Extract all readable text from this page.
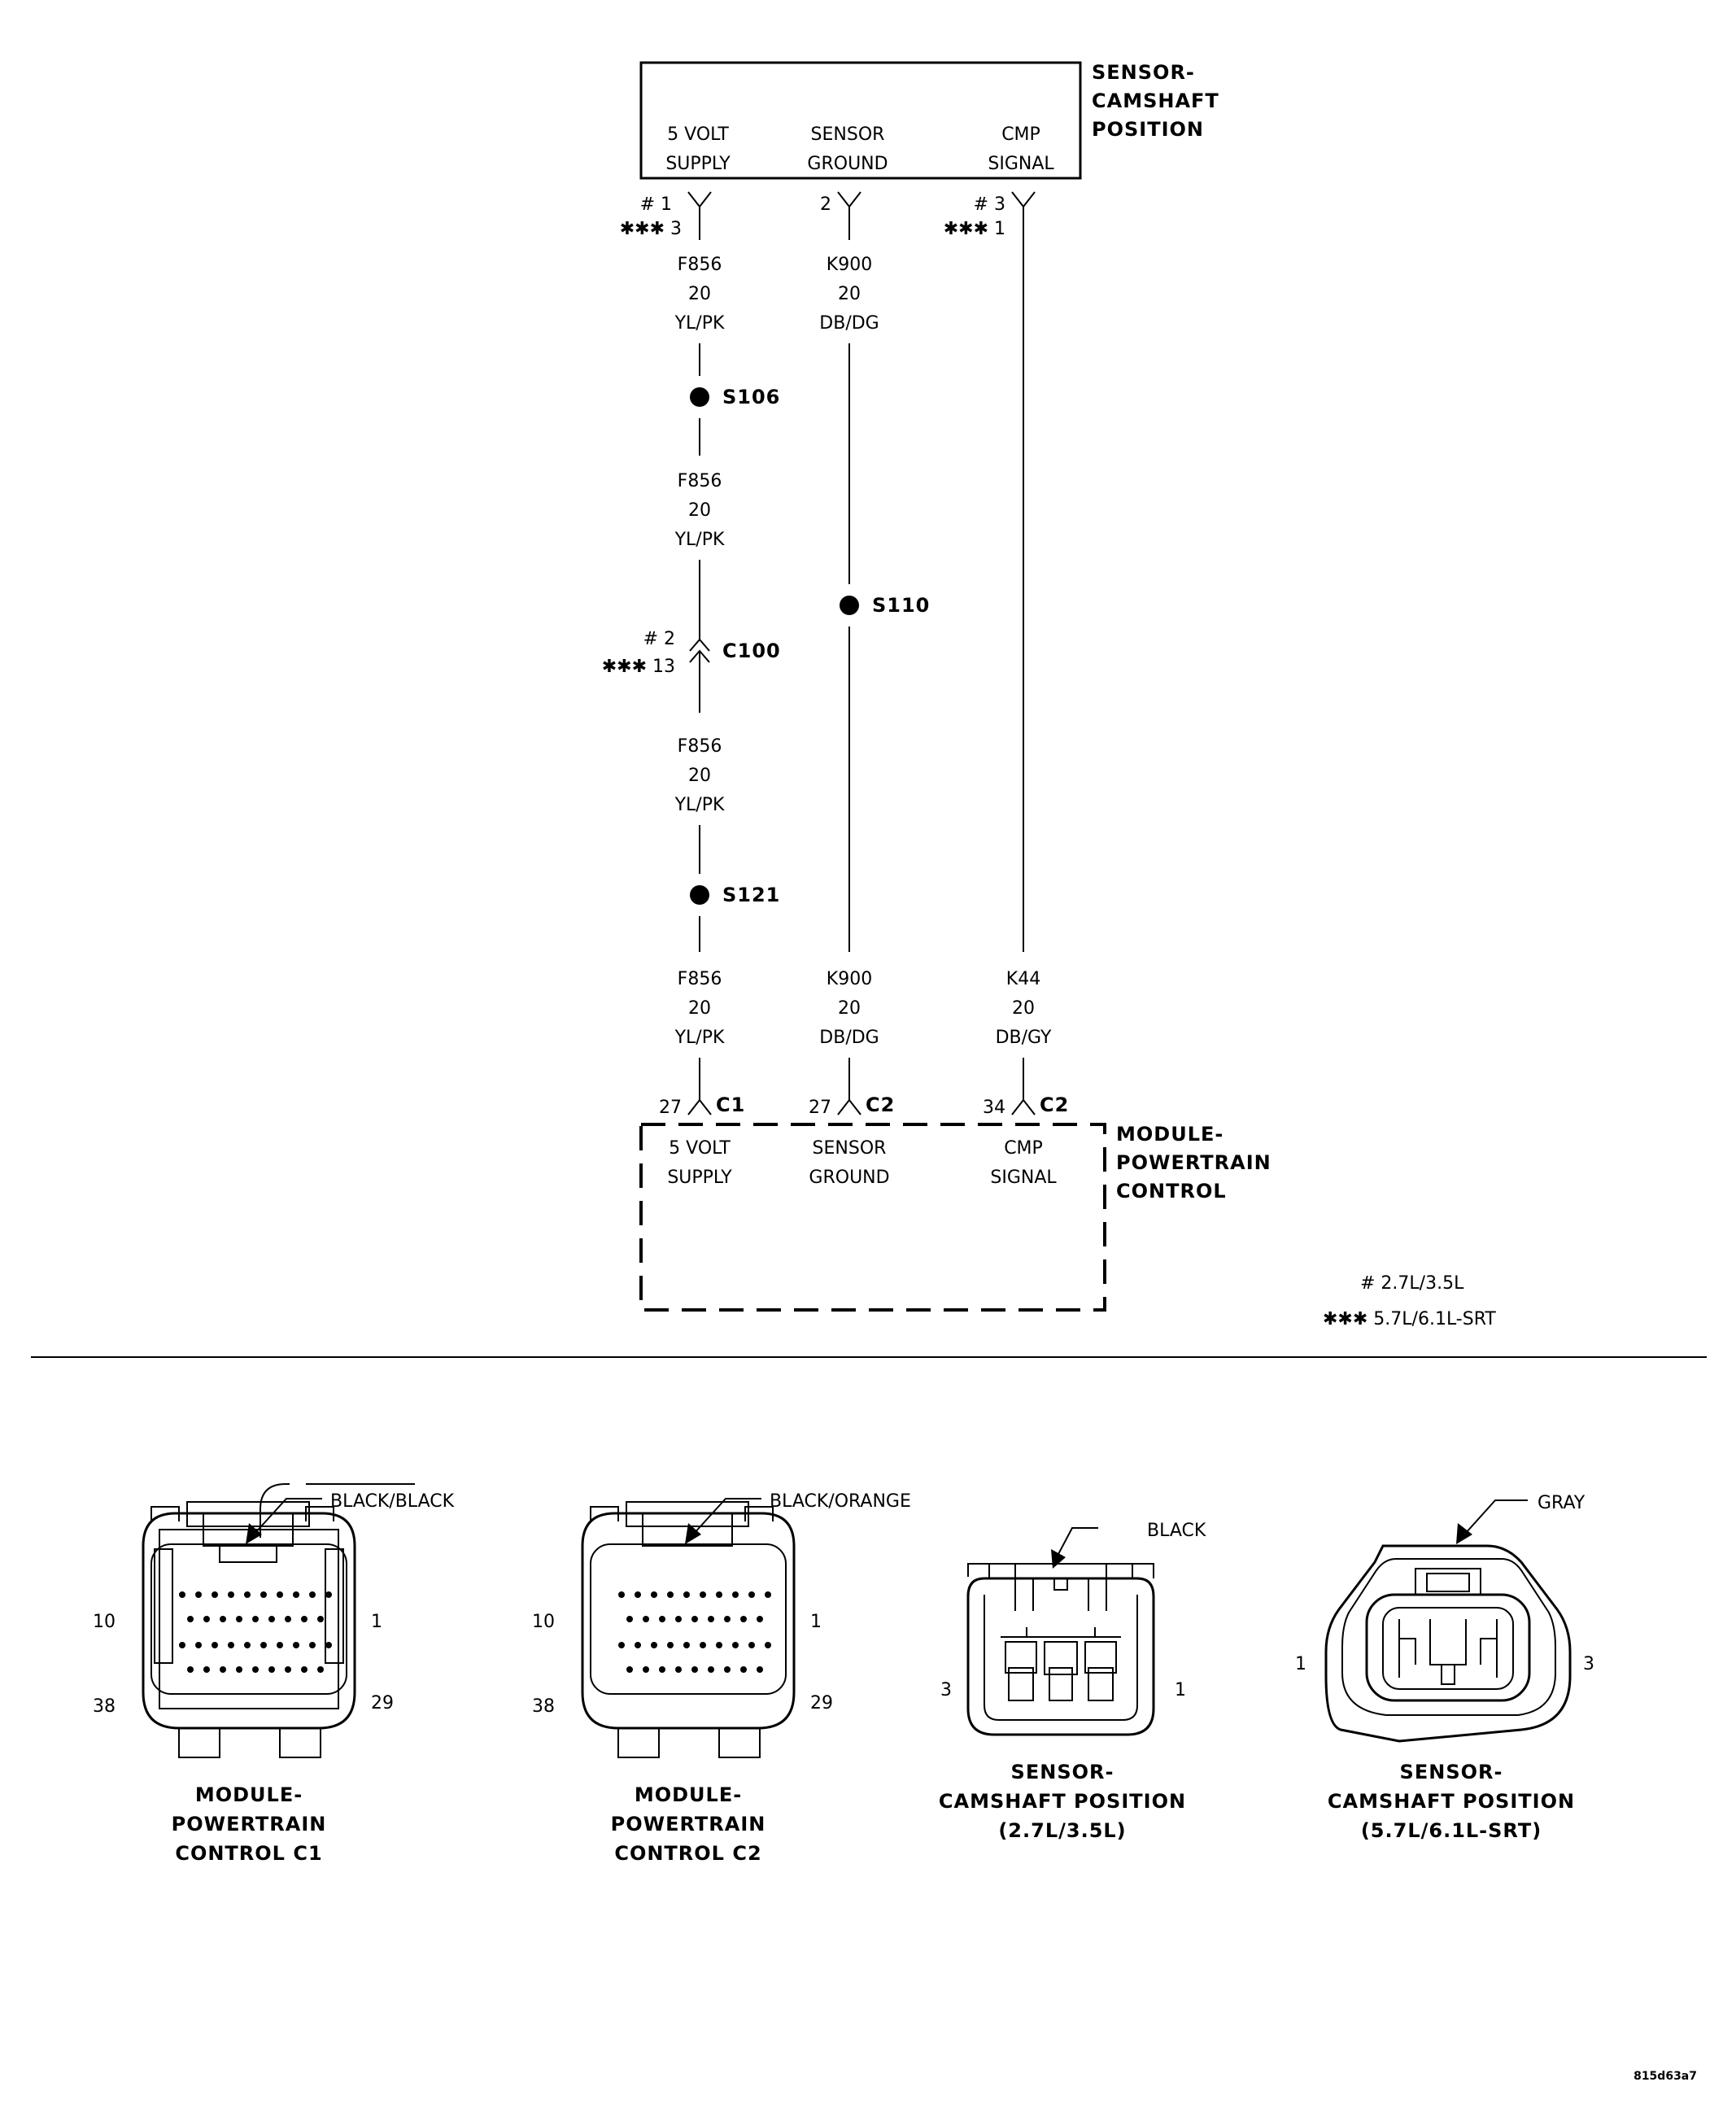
SENSOR-
CAMSHAFT
POSITION
5 VOLT
SUPPLY
SENSOR
GROUND
CMP
SIGNAL
# 1
✱✱✱ 3
2	# 3
✱✱✱ 1
F856
20
YL/PK
S106
F856
20
YL/PK
# 2
✱✱✱ 13
C100
F856
20
YL/PK
S121
F856
20
YL/PK
K900
20
DB/DG
S110
K900
20
DB/DG
K44
20
DB/GY
27 C1	27 C2	34 C2
5 VOLT
SUPPLY
SENSOR
GROUND
CMP
SIGNAL
MODULE-
POWERTRAIN
CONTROL
# 2.7L/3.5L
✱✱✱ 5.7L/6.1L-SRT
BLACK/BLACK
10	1
38	29
MODULE-
POWERTRAIN
CONTROL C1
BLACK/ORANGE
10	1
38	29
MODULE-
POWERTRAIN
CONTROL C2
BLACK
3	1
SENSOR-
CAMSHAFT POSITION
(2.7L/3.5L)
GRAY
1	3
SENSOR-
CAMSHAFT POSITION
(5.7L/6.1L-SRT)
815d63a7
